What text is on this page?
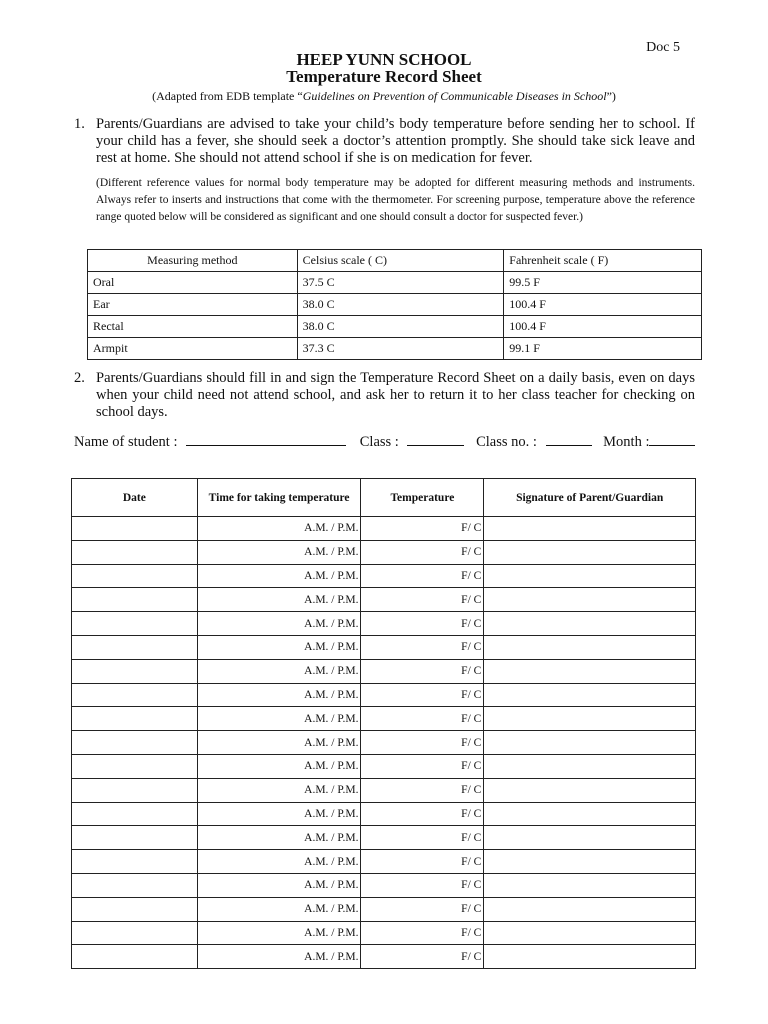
Doc 5
HEEP YUNN SCHOOL
Temperature Record Sheet
(Adapted from EDB template “Guidelines on Prevention of Communicable Diseases in School”)
1. Parents/Guardians are advised to take your child’s body temperature before sending her to school. If your child has a fever, she should seek a doctor’s attention promptly. She should take sick leave and rest at home. She should not attend school if she is on medication for fever.
(Different reference values for normal body temperature may be adopted for different measuring methods and instruments. Always refer to inserts and instructions that come with the thermometer. For screening purpose, temperature above the reference range quoted below will be considered as significant and one should consult a doctor for suspected fever.)
Measuring method	Celsius scale ( C)	Fahrenheit scale ( F)
Oral	37.5 C	99.5 F
Ear	38.0 C	100.4 F
Rectal	38.0 C	100.4 F
Armpit	37.3 C	99.1 F
2. Parents/Guardians should fill in and sign the Temperature Record Sheet on a daily basis, even on days when your child need not attend school, and ask her to return it to her class teacher for checking on school days.
Name of student :	Class :	Class no. :	Month :
Date	Time for taking temperature	Temperature	Signature of Parent/Guardian
	A.M. / P.M.	F/ C	
	A.M. / P.M.	F/ C	
	A.M. / P.M.	F/ C	
	A.M. / P.M.	F/ C	
	A.M. / P.M.	F/ C	
	A.M. / P.M.	F/ C	
	A.M. / P.M.	F/ C	
	A.M. / P.M.	F/ C	
	A.M. / P.M.	F/ C	
	A.M. / P.M.	F/ C	
	A.M. / P.M.	F/ C	
	A.M. / P.M.	F/ C	
	A.M. / P.M.	F/ C	
	A.M. / P.M.	F/ C	
	A.M. / P.M.	F/ C	
	A.M. / P.M.	F/ C	
	A.M. / P.M.	F/ C	
	A.M. / P.M.	F/ C	
	A.M. / P.M.	F/ C	
